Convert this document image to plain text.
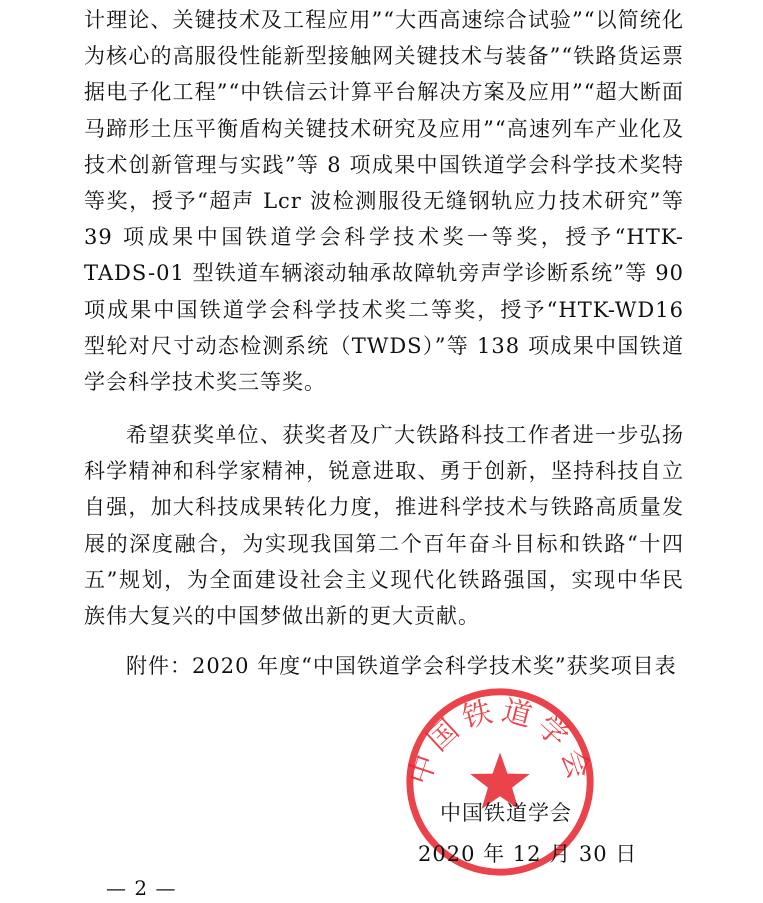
计理论、关键技术及工程应用”“大西高速综合试验”“以简统化为核心的高服役性能新型接触网关键技术与装备”“铁路货运票据电子化工程”“中铁信云计算平台解决方案及应用”“超大断面马蹄形土压平衡盾构关键技术研究及应用”“高速列车产业化及技术创新管理与实践”等 8 项成果中国铁道学会科学技术奖特等奖，授予“超声 Lcr 波检测服役无缝钢轨应力技术研究”等 39 项成果中国铁道学会科学技术奖一等奖，授予“HTK-TADS-01 型铁道车辆滚动轴承故障轨旁声学诊断系统”等 90 项成果中国铁道学会科学技术奖二等奖，授予“HTK-WD16 型轮对尺寸动态检测系统（TWDS）”等 138 项成果中国铁道学会科学技术奖三等奖。

希望获奖单位、获奖者及广大铁路科技工作者进一步弘扬科学精神和科学家精神，锐意进取、勇于创新，坚持科技自立自强，加大科技成果转化力度，推进科学技术与铁路高质量发展的深度融合，为实现我国第二个百年奋斗目标和铁路“十四五”规划，为全面建设社会主义现代化铁路强国，实现中华民族伟大复兴的中国梦做出新的更大贡献。

附件：2020 年度“中国铁道学会科学技术奖”获奖项目表

中国铁道学会
中国铁道学会
2020 年 12 月 30 日
— 2 —
